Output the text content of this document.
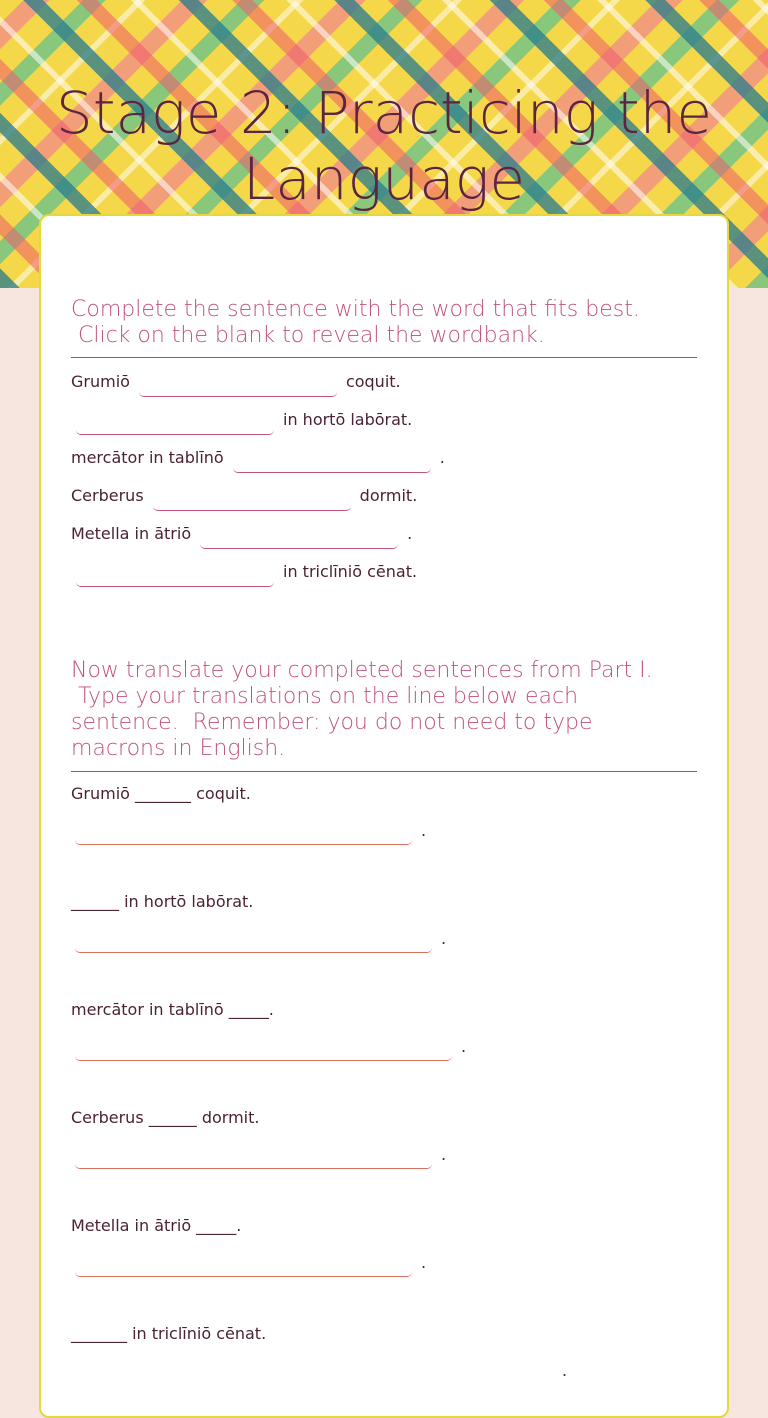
Stage 2: Practicing the Language
Complete the sentence with the word that fits best.
Click on the blank to reveal the wordbank.
Grumiō	coquit.
in hortō labōrat.
mercātor in tablīnō	.
Cerberus	dormit.
Metella in ātriō	.
in triclīniō cēnat.
Now translate your completed sentences from Part I.
Type your translations on the line below each
sentence.  Remember: you do not need to type
macrons in English.
Grumiō _______ coquit.
.
______ in hortō labōrat.
.
mercātor in tablīnō _____.
.
Cerberus ______ dormit.
.
Metella in ātriō _____.
.
_______ in triclīniō cēnat.
.
